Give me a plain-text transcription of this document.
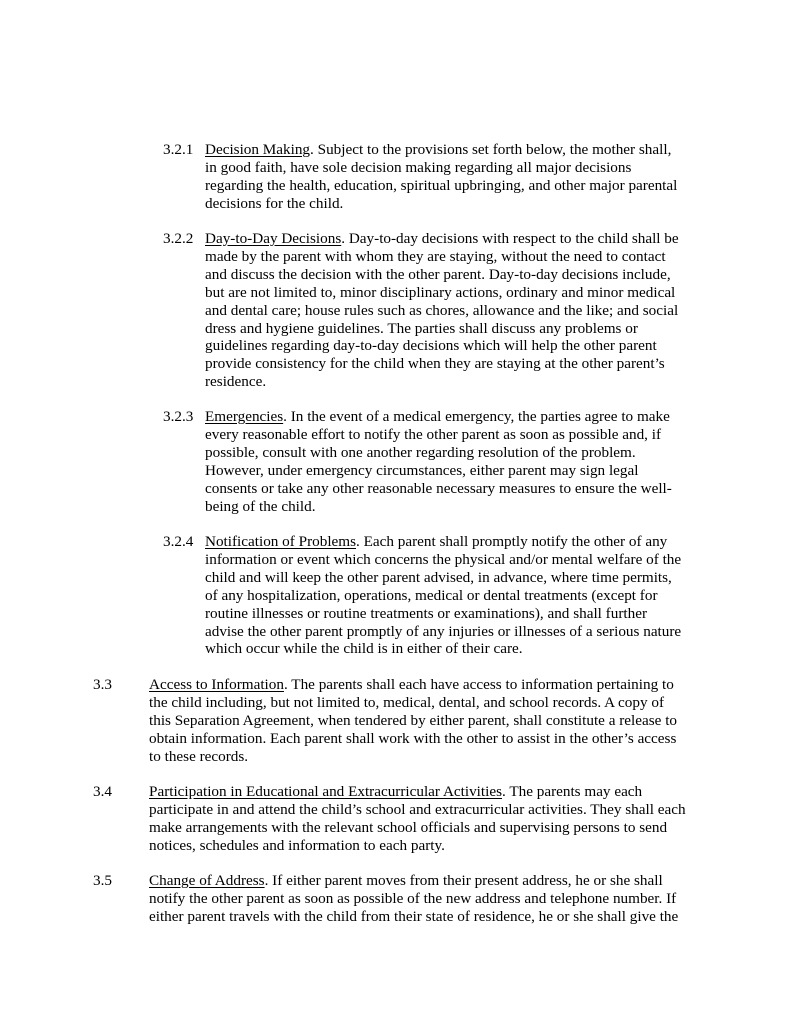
3.2.1 Decision Making. Subject to the provisions set forth below, the mother shall,
in good faith, have sole decision making regarding all major decisions
regarding the health, education, spiritual upbringing, and other major parental
decisions for the child.

3.2.2 Day-to-Day Decisions. Day-to-day decisions with respect to the child shall be
made by the parent with whom they are staying, without the need to contact
and discuss the decision with the other parent. Day-to-day decisions include,
but are not limited to, minor disciplinary actions, ordinary and minor medical
and dental care; house rules such as chores, allowance and the like; and social
dress and hygiene guidelines. The parties shall discuss any problems or
guidelines regarding day-to-day decisions which will help the other parent
provide consistency for the child when they are staying at the other parent’s
residence.

3.2.3 Emergencies. In the event of a medical emergency, the parties agree to make
every reasonable effort to notify the other parent as soon as possible and, if
possible, consult with one another regarding resolution of the problem.
However, under emergency circumstances, either parent may sign legal
consents or take any other reasonable necessary measures to ensure the well-
being of the child.

3.2.4 Notification of Problems. Each parent shall promptly notify the other of any
information or event which concerns the physical and/or mental welfare of the
child and will keep the other parent advised, in advance, where time permits,
of any hospitalization, operations, medical or dental treatments (except for
routine illnesses or routine treatments or examinations), and shall further
advise the other parent promptly of any injuries or illnesses of a serious nature
which occur while the child is in either of their care.

3.3 Access to Information. The parents shall each have access to information pertaining to
the child including, but not limited to, medical, dental, and school records. A copy of
this Separation Agreement, when tendered by either parent, shall constitute a release to
obtain information. Each parent shall work with the other to assist in the other’s access
to these records.

3.4 Participation in Educational and Extracurricular Activities. The parents may each
participate in and attend the child’s school and extracurricular activities. They shall each
make arrangements with the relevant school officials and supervising persons to send
notices, schedules and information to each party.

3.5 Change of Address. If either parent moves from their present address, he or she shall
notify the other parent as soon as possible of the new address and telephone number. If
either parent travels with the child from their state of residence, he or she shall give the
